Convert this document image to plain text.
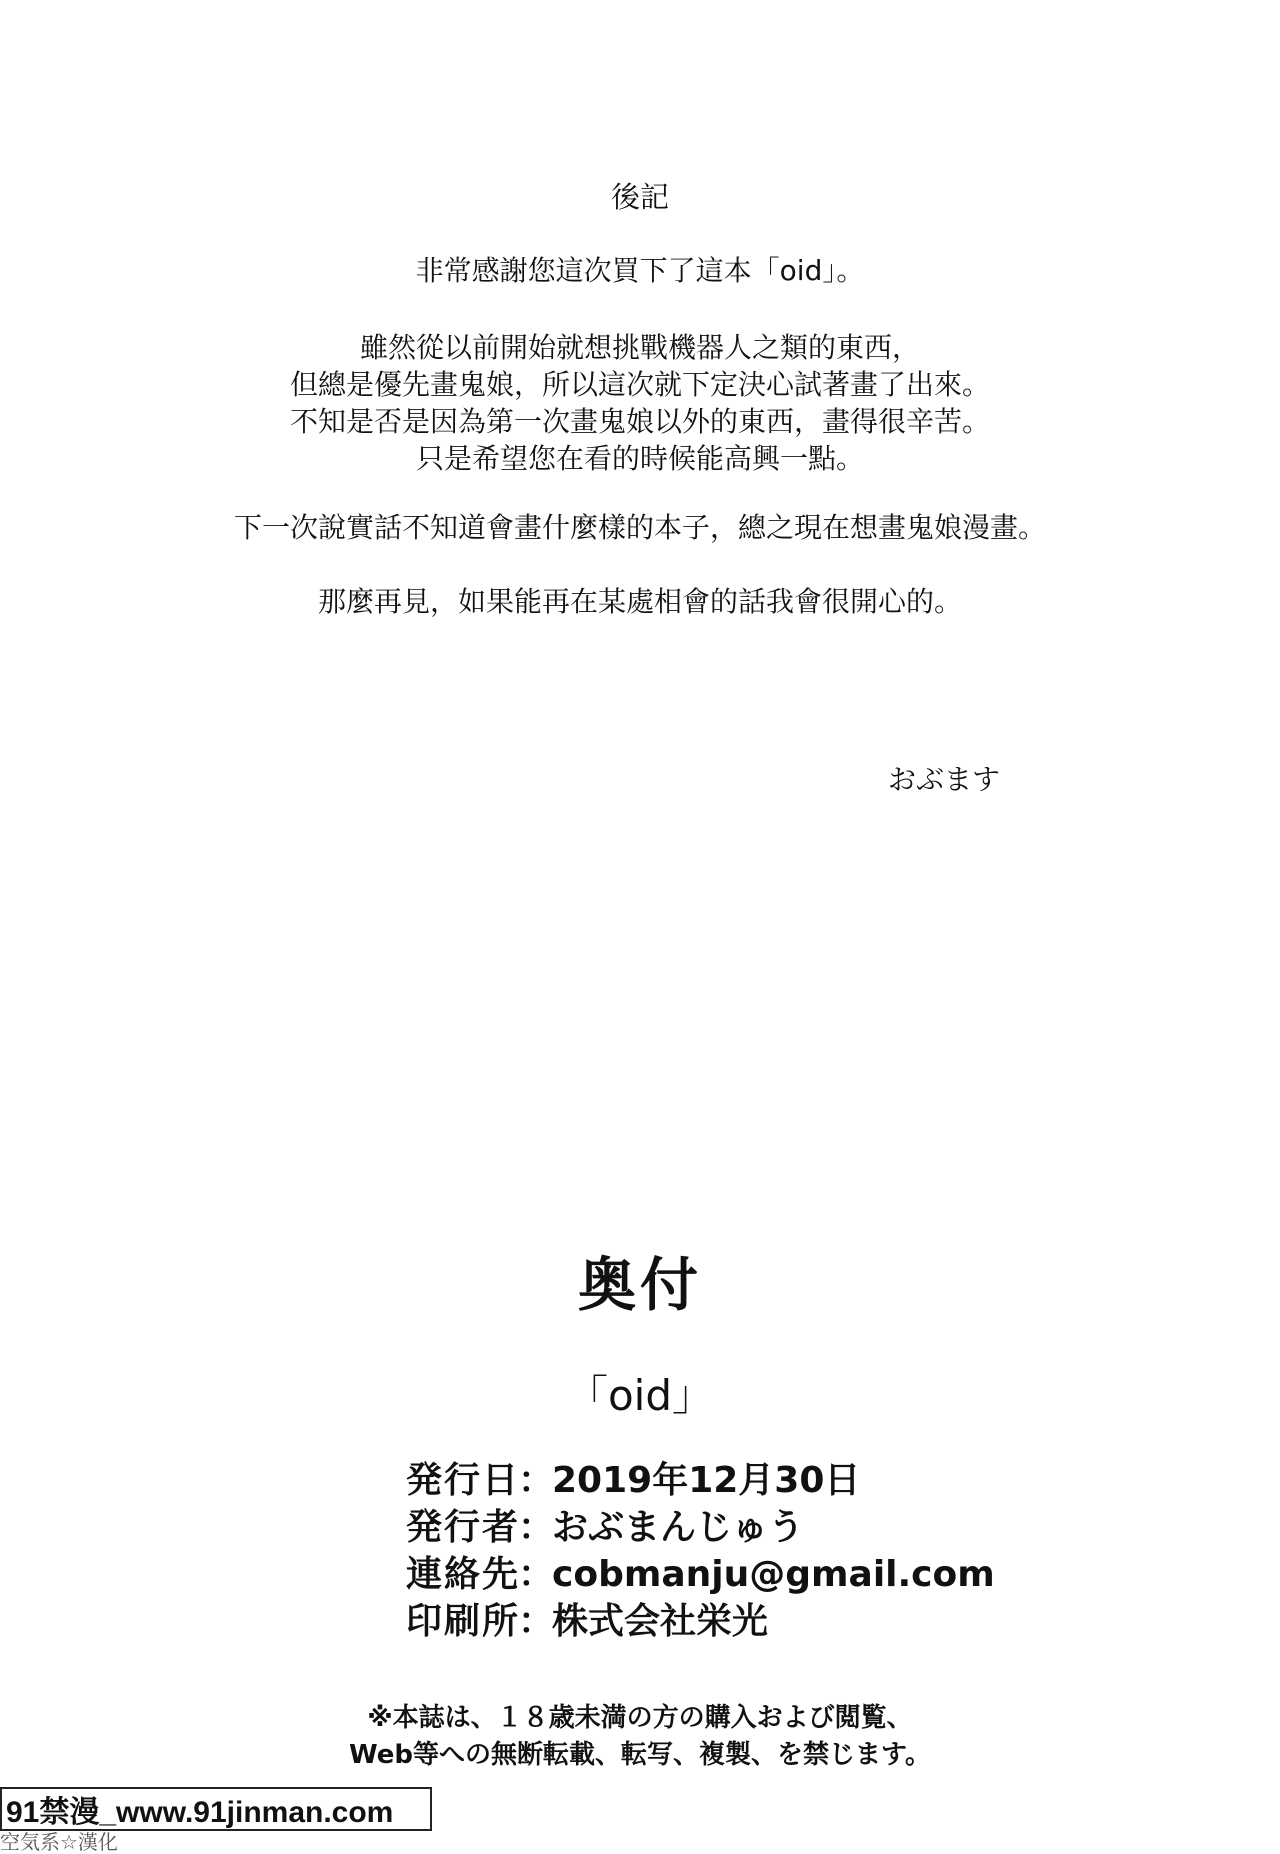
後記
非常感謝您這次買下了這本「oid」。
雖然從以前開始就想挑戰機器人之類的東西，
但總是優先畫鬼娘，所以這次就下定決心試著畫了出來。
不知是否是因為第一次畫鬼娘以外的東西，畫得很辛苦。
只是希望您在看的時候能高興一點。
下一次說實話不知道會畫什麼樣的本子，總之現在想畫鬼娘漫畫。
那麼再見，如果能再在某處相會的話我會很開心的。
おぶます
奥付
「oid」
発行日
：
2019年12月30日
発行者
：
おぶまんじゅう
連絡先
：
cobmanju@gmail.com
印刷所
：
株式会社栄光
※本誌は、１８歳未満の方の購入および閲覧、
Web等への無断転載、転写、複製、を禁じます。
91禁漫_www.91jinman.com
空気系☆漢化
